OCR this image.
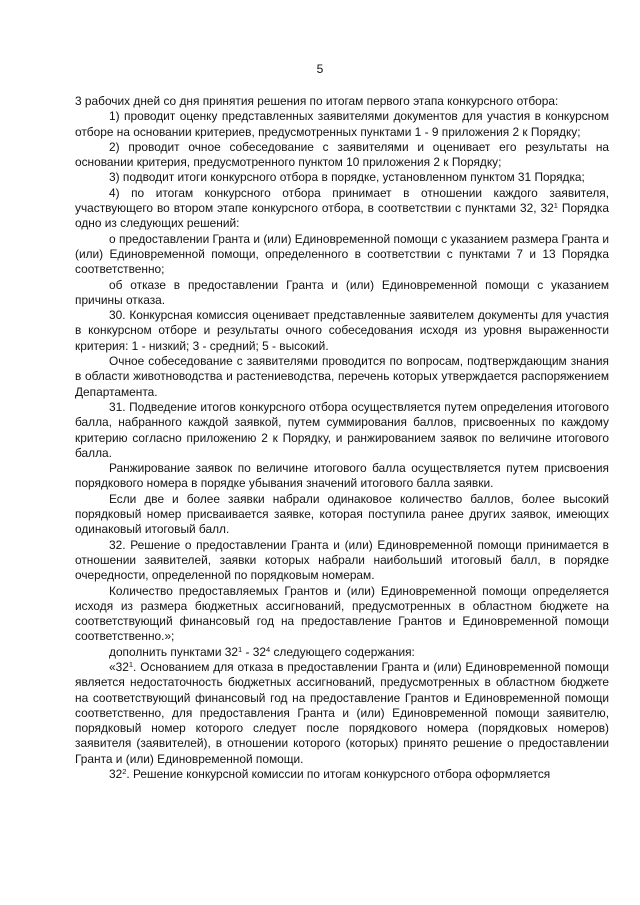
5

3 рабочих дней со дня принятия решения по итогам первого этапа конкурсного отбора:

1) проводит оценку представленных заявителями документов для участия в конкурсном отборе на основании критериев, предусмотренных пунктами 1 - 9 приложения 2 к Порядку;

2) проводит очное собеседование с заявителями и оценивает его результаты на основании критерия, предусмотренного пунктом 10 приложения 2 к Порядку;

3) подводит итоги конкурсного отбора в порядке, установленном пунктом 31 Порядка;

4) по итогам конкурсного отбора принимает в отношении каждого заявителя, участвующего во втором этапе конкурсного отбора, в соответствии с пунктами 32, $32^1$ Порядка одно из следующих решений:

о предоставлении Гранта и (или) Единовременной помощи с указанием размера Гранта и (или) Единовременной помощи, определенного в соответствии с пунктами 7 и 13 Порядка соответственно;

об отказе в предоставлении Гранта и (или) Единовременной помощи с указанием причины отказа.

30. Конкурсная комиссия оценивает представленные заявителем документы для участия в конкурсном отборе и результаты очного собеседования исходя из уровня выраженности критерия: 1 - низкий; 3 - средний; 5 - высокий.

Очное собеседование с заявителями проводится по вопросам, подтверждающим знания в области животноводства и растениеводства, перечень которых утверждается распоряжением Департамента.

31. Подведение итогов конкурсного отбора осуществляется путем определения итогового балла, набранного каждой заявкой, путем суммирования баллов, присвоенных по каждому критерию согласно приложению 2 к Порядку, и ранжированием заявок по величине итогового балла.

Ранжирование заявок по величине итогового балла осуществляется путем присвоения порядкового номера в порядке убывания значений итогового балла заявки.

Если две и более заявки набрали одинаковое количество баллов, более высокий порядковый номер присваивается заявке, которая поступила ранее других заявок, имеющих одинаковый итоговый балл.

32. Решение о предоставлении Гранта и (или) Единовременной помощи принимается в отношении заявителей, заявки которых набрали наибольший итоговый балл, в порядке очередности, определенной по порядковым номерам.

Количество предоставляемых Грантов и (или) Единовременной помощи определяется исходя из размера бюджетных ассигнований, предусмотренных в областном бюджете на соответствующий финансовый год на предоставление Грантов и Единовременной помощи соответственно.»;

дополнить пунктами $32^1 - 32^4$ следующего содержания:

«$32^1$. Основанием для отказа в предоставлении Гранта и (или) Единовременной помощи является недостаточность бюджетных ассигнований, предусмотренных в областном бюджете на соответствующий финансовый год на предоставление Грантов и Единовременной помощи соответственно, для предоставления Гранта и (или) Единовременной помощи заявителю, порядковый номер которого следует после порядкового номера (порядковых номеров) заявителя (заявителей), в отношении которого (которых) принято решение о предоставлении Гранта и (или) Единовременной помощи.

$32^2$. Решение конкурсной комиссии по итогам конкурсного отбора оформляется
